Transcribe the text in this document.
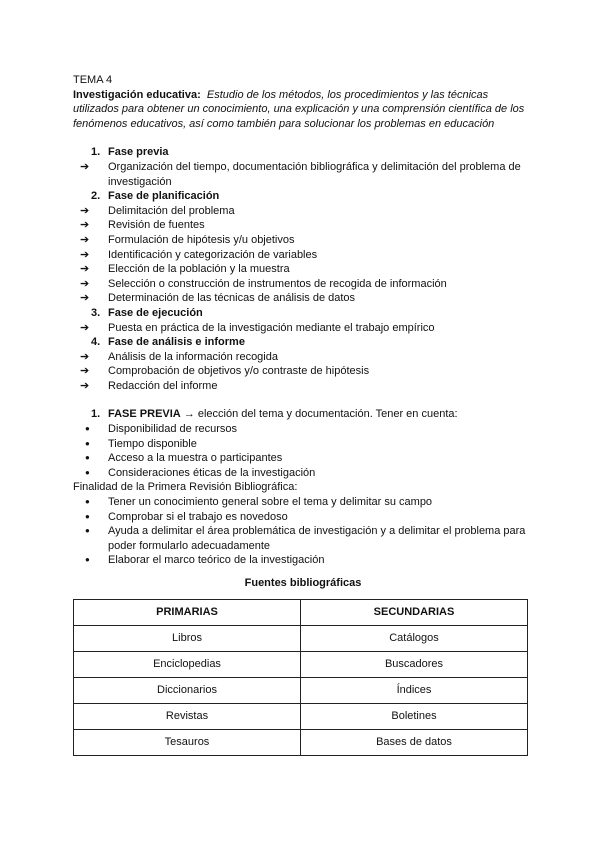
TEMA 4
Investigación educativa: Estudio de los métodos, los procedimientos y las técnicas utilizados para obtener un conocimiento, una explicación y una comprensión científica de los fenómenos educativos, así como también para solucionar los problemas en educación
1. Fase previa
➔ Organización del tiempo, documentación bibliográfica y delimitación del problema de investigación
2. Fase de planificación
➔ Delimitación del problema
➔ Revisión de fuentes
➔ Formulación de hipótesis y/u objetivos
➔ Identificación y categorización de variables
➔ Elección de la población y la muestra
➔ Selección o construcción de instrumentos de recogida de información
➔ Determinación de las técnicas de análisis de datos
3. Fase de ejecución
➔ Puesta en práctica de la investigación mediante el trabajo empírico
4. Fase de análisis e informe
➔ Análisis de la información recogida
➔ Comprobación de objetivos y/o contraste de hipótesis
➔ Redacción del informe
1. FASE PREVIA → elección del tema y documentación. Tener en cuenta:
● Disponibilidad de recursos
● Tiempo disponible
● Acceso a la muestra o participantes
● Consideraciones éticas de la investigación
Finalidad de la Primera Revisión Bibliográfica:
● Tener un conocimiento general sobre el tema y delimitar su campo
● Comprobar si el trabajo es novedoso
● Ayuda a delimitar el área problemática de investigación y a delimitar el problema para poder formularlo adecuadamente
● Elaborar el marco teórico de la investigación
Fuentes bibliográficas
PRIMARIAS	SECUNDARIAS
Libros	Catálogos
Enciclopedias	Buscadores
Diccionarios	Índices
Revistas	Boletines
Tesauros	Bases de datos
